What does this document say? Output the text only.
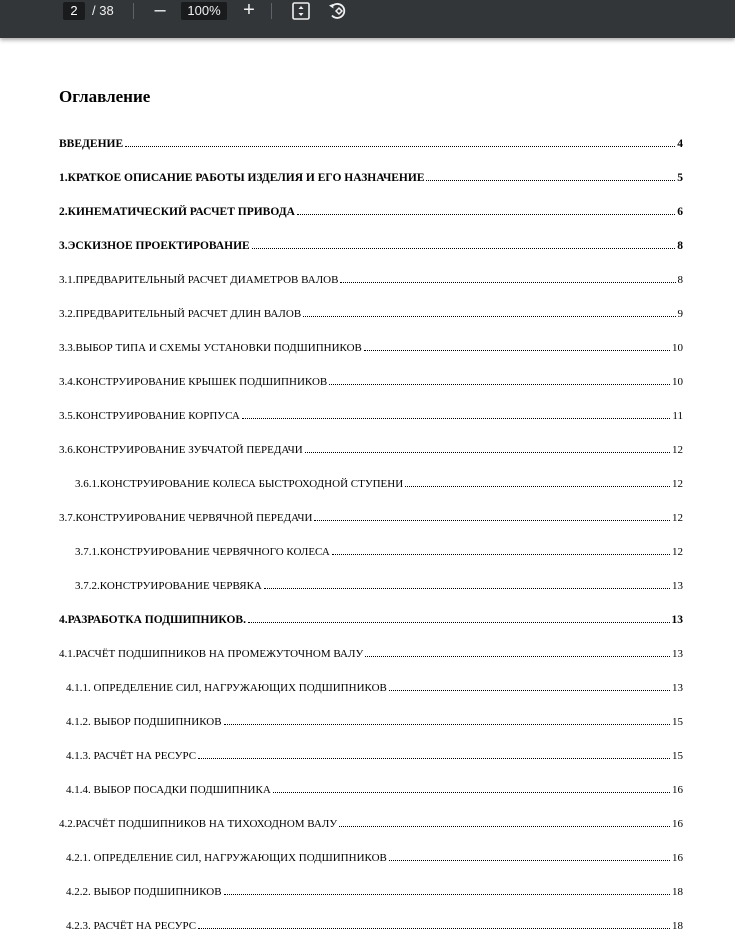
2	/ 38 –	100%	+
Оглавление
ВВЕДЕНИЕ	4
1.КРАТКОЕ ОПИСАНИЕ РАБОТЫ ИЗДЕЛИЯ И ЕГО НАЗНАЧЕНИЕ	5
2.КИНЕМАТИЧЕСКИЙ РАСЧЕТ ПРИВОДА	6
3.ЭСКИЗНОЕ ПРОЕКТИРОВАНИЕ	8
3.1.ПРЕДВАРИТЕЛЬНЫЙ РАСЧЕТ ДИАМЕТРОВ ВАЛОВ	8
3.2.ПРЕДВАРИТЕЛЬНЫЙ РАСЧЕТ ДЛИН ВАЛОВ	9
3.3.ВЫБОР ТИПА И СХЕМЫ УСТАНОВКИ ПОДШИПНИКОВ	10
3.4.КОНСТРУИРОВАНИЕ КРЫШЕК ПОДШИПНИКОВ	10
3.5.КОНСТРУИРОВАНИЕ КОРПУСА	11
3.6.КОНСТРУИРОВАНИЕ ЗУБЧАТОЙ ПЕРЕДАЧИ	12
3.6.1.КОНСТРУИРОВАНИЕ КОЛЕСА БЫСТРОХОДНОЙ СТУПЕНИ	12
3.7.КОНСТРУИРОВАНИЕ ЧЕРВЯЧНОЙ ПЕРЕДАЧИ	12
3.7.1.КОНСТРУИРОВАНИЕ ЧЕРВЯЧНОГО КОЛЕСА	12
3.7.2.КОНСТРУИРОВАНИЕ ЧЕРВЯКА	13
4.РАЗРАБОТКА ПОДШИПНИКОВ.	13
4.1.РАСЧЁТ ПОДШИПНИКОВ НА ПРОМЕЖУТОЧНОМ ВАЛУ	13
4.1.1. ОПРЕДЕЛЕНИЕ СИЛ, НАГРУЖАЮЩИХ ПОДШИПНИКОВ	13
4.1.2. ВЫБОР ПОДШИПНИКОВ	15
4.1.3. РАСЧЁТ НА РЕСУРС	15
4.1.4. ВЫБОР ПОСАДКИ ПОДШИПНИКА	16
4.2.РАСЧЁТ ПОДШИПНИКОВ НА ТИХОХОДНОМ ВАЛУ	16
4.2.1. ОПРЕДЕЛЕНИЕ СИЛ, НАГРУЖАЮЩИХ ПОДШИПНИКОВ	16
4.2.2. ВЫБОР ПОДШИПНИКОВ	18
4.2.3. РАСЧЁТ НА РЕСУРС	18
